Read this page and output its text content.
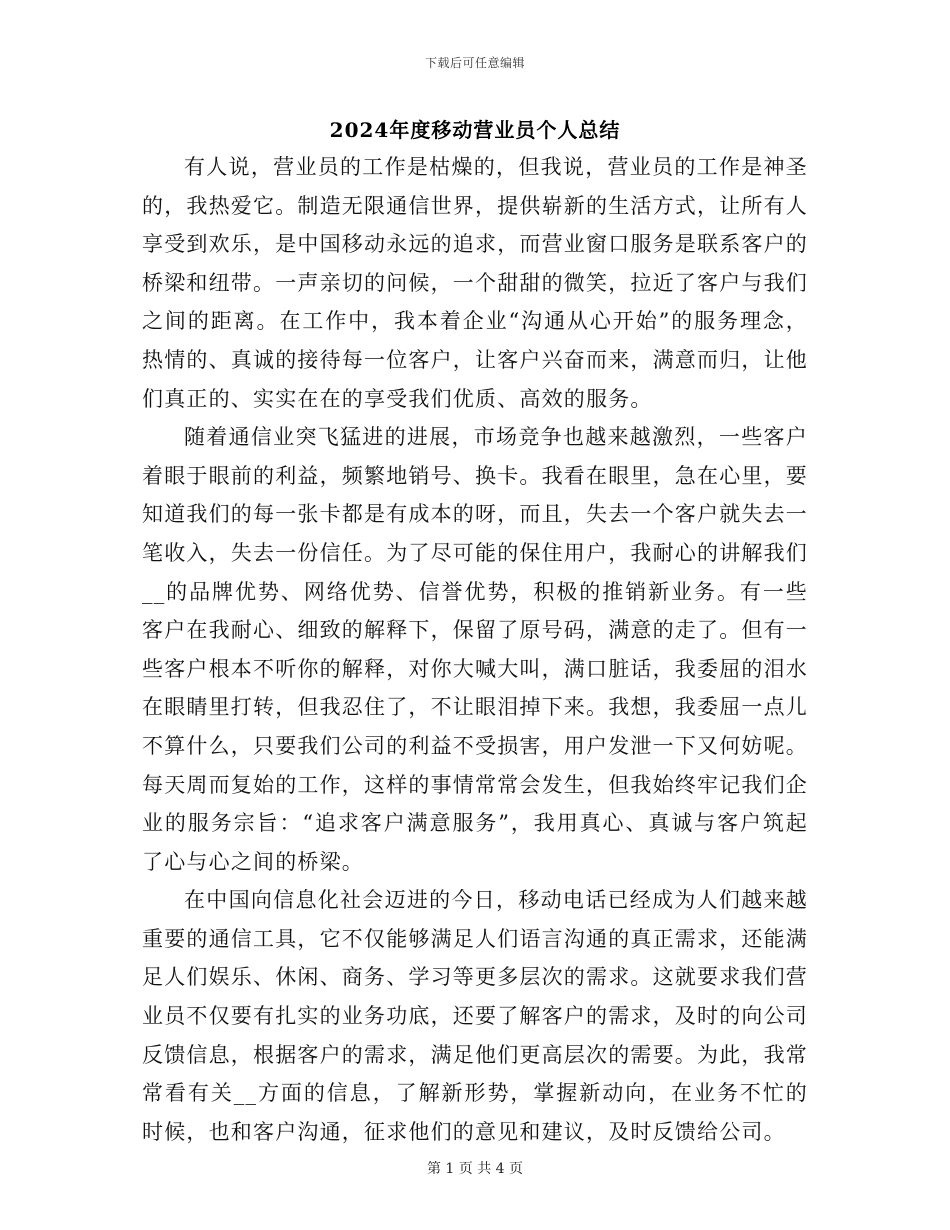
下载后可任意编辑
2024年度移动营业员个人总结

有人说，营业员的工作是枯燥的，但我说，营业员的工作是神圣的，我热爱它。制造无限通信世界，提供崭新的生活方式，让所有人享受到欢乐，是中国移动永远的追求，而营业窗口服务是联系客户的桥梁和纽带。一声亲切的问候，一个甜甜的微笑，拉近了客户与我们之间的距离。在工作中，我本着企业“沟通从心开始”的服务理念，热情的、真诚的接待每一位客户，让客户兴奋而来，满意而归，让他们真正的、实实在在的享受我们优质、高效的服务。

随着通信业突飞猛进的进展，市场竞争也越来越激烈，一些客户着眼于眼前的利益，频繁地销号、换卡。我看在眼里，急在心里，要知道我们的每一张卡都是有成本的呀，而且，失去一个客户就失去一笔收入，失去一份信任。为了尽可能的保住用户，我耐心的讲解我们__的品牌优势、网络优势、信誉优势，积极的推销新业务。有一些客户在我耐心、细致的解释下，保留了原号码，满意的走了。但有一些客户根本不听你的解释，对你大喊大叫，满口脏话，我委屈的泪水在眼睛里打转，但我忍住了，不让眼泪掉下来。我想，我委屈一点儿不算什么，只要我们公司的利益不受损害，用户发泄一下又何妨呢。每天周而复始的工作，这样的事情常常会发生，但我始终牢记我们企业的服务宗旨：“追求客户满意服务”，我用真心、真诚与客户筑起了心与心之间的桥梁。

在中国向信息化社会迈进的今日，移动电话已经成为人们越来越重要的通信工具，它不仅能够满足人们语言沟通的真正需求，还能满足人们娱乐、休闲、商务、学习等更多层次的需求。这就要求我们营业员不仅要有扎实的业务功底，还要了解客户的需求，及时的向公司反馈信息，根据客户的需求，满足他们更高层次的需要。为此，我常常看有关__方面的信息，了解新形势，掌握新动向，在业务不忙的时候，也和客户沟通，征求他们的意见和建议，及时反馈给公司。

第 1 页 共 4 页
